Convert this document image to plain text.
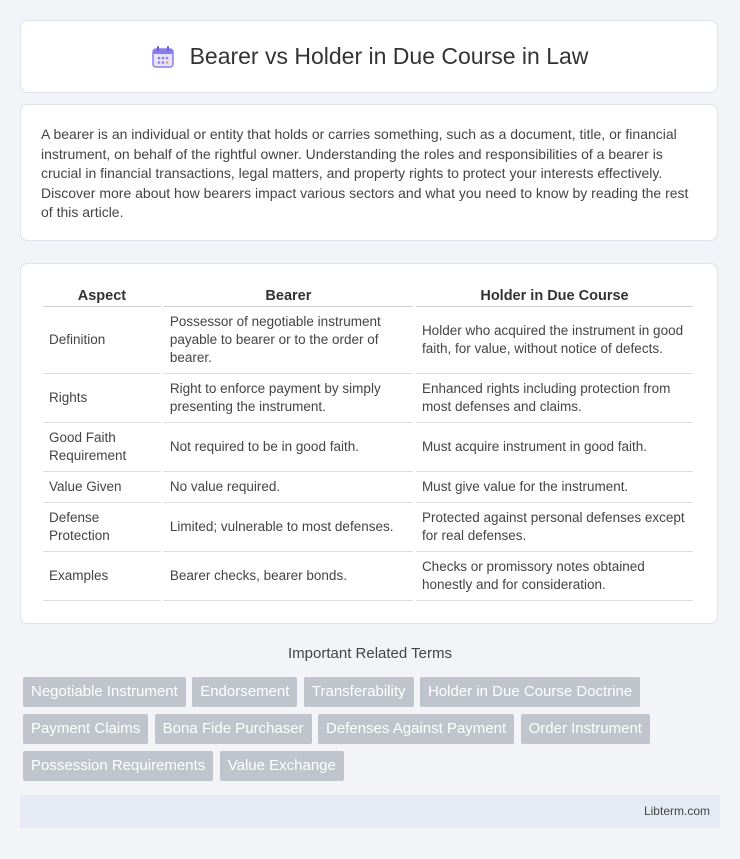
Bearer vs Holder in Due Course in Law

A bearer is an individual or entity that holds or carries something, such as a document, title, or financial instrument, on behalf of the rightful owner. Understanding the roles and responsibilities of a bearer is crucial in financial transactions, legal matters, and property rights to protect your interests effectively. Discover more about how bearers impact various sectors and what you need to know by reading the rest of this article.

Aspect	Bearer	Holder in Due Course
Definition	Possessor of negotiable instrument payable to bearer or to the order of bearer.	Holder who acquired the instrument in good faith, for value, without notice of defects.
Rights	Right to enforce payment by simply presenting the instrument.	Enhanced rights including protection from most defenses and claims.
Good Faith Requirement	Not required to be in good faith.	Must acquire instrument in good faith.
Value Given	No value required.	Must give value for the instrument.
Defense Protection	Limited; vulnerable to most defenses.	Protected against personal defenses except for real defenses.
Examples	Bearer checks, bearer bonds.	Checks or promissory notes obtained honestly and for consideration.
Important Related Terms
Negotiable Instrument Endorsement Transferability Holder in Due Course Doctrine Payment Claims Bona Fide Purchaser Defenses Against Payment Order Instrument Possession Requirements Value Exchange
Libterm.com
